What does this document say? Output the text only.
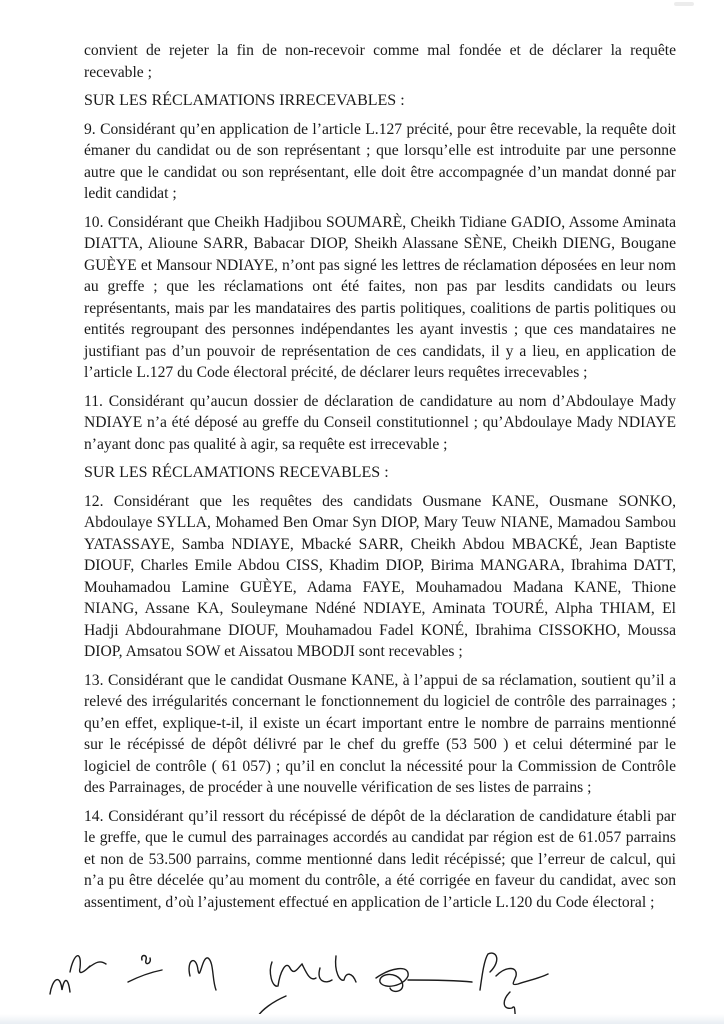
convient de rejeter la fin de non-recevoir comme mal fondée et de déclarer la requête recevable ;

SUR LES RÉCLAMATIONS IRRECEVABLES :

9. Considérant qu’en application de l’article L.127 précité, pour être recevable, la requête doit émaner du candidat ou de son représentant ; que lorsqu’elle est introduite par une personne autre que le candidat ou son représentant, elle doit être accompagnée d’un mandat donné par ledit candidat ;

10. Considérant que Cheikh Hadjibou SOUMARÈ, Cheikh Tidiane GADIO, Assome Aminata DIATTA, Alioune SARR, Babacar DIOP, Sheikh Alassane SÈNE, Cheikh DIENG, Bougane GUÈYE et Mansour NDIAYE, n’ont pas signé les lettres de réclamation déposées en leur nom au greffe ; que les réclamations ont été faites, non pas par lesdits candidats ou leurs représentants, mais par les mandataires des partis politiques, coalitions de partis politiques ou entités regroupant des personnes indépendantes les ayant investis ; que ces mandataires ne justifiant pas d’un pouvoir de représentation de ces candidats, il y a lieu, en application de l’article L.127 du Code électoral précité, de déclarer leurs requêtes irrecevables ;

11. Considérant qu’aucun dossier de déclaration de candidature au nom d’Abdoulaye Mady NDIAYE n’a été déposé au greffe du Conseil constitutionnel ; qu’Abdoulaye Mady NDIAYE n’ayant donc pas qualité à agir, sa requête est irrecevable ;

SUR LES RÉCLAMATIONS RECEVABLES :

12. Considérant que les requêtes des candidats Ousmane KANE, Ousmane SONKO, Abdoulaye SYLLA, Mohamed Ben Omar Syn DIOP, Mary Teuw NIANE, Mamadou Sambou YATASSAYE, Samba NDIAYE, Mbacké SARR, Cheikh Abdou MBACKÉ, Jean Baptiste DIOUF, Charles Emile Abdou CISS, Khadim DIOP, Birima MANGARA, Ibrahima DATT, Mouhamadou Lamine GUÈYE, Adama FAYE, Mouhamadou Madana KANE, Thione NIANG, Assane KA, Souleymane Ndéné NDIAYE, Aminata TOURÉ, Alpha THIAM, El Hadji Abdourahmane DIOUF, Mouhamadou Fadel KONÉ, Ibrahima CISSOKHO, Moussa DIOP, Amsatou SOW et Aissatou MBODJI sont recevables ;

13. Considérant que le candidat Ousmane KANE, à l’appui de sa réclamation, soutient qu’il a relevé des irrégularités concernant le fonctionnement du logiciel de contrôle des parrainages ; qu’en effet, explique-t-il, il existe un écart important entre le nombre de parrains mentionné sur le récépissé de dépôt délivré par le chef du greffe (53 500 ) et celui déterminé par le logiciel de contrôle ( 61 057) ; qu’il en conclut la nécessité pour la Commission de Contrôle des Parrainages, de procéder à une nouvelle vérification de ses listes de parrains ;

14. Considérant qu’il ressort du récépissé de dépôt de la déclaration de candidature établi par le greffe, que le cumul des parrainages accordés au candidat par région est de 61.057 parrains et non de 53.500 parrains, comme mentionné dans ledit récépissé; que l’erreur de calcul, qui n’a pu être décelée qu’au moment du contrôle, a été corrigée en faveur du candidat, avec son assentiment, d’où l’ajustement effectué en application de l’article L.120 du Code électoral ;
